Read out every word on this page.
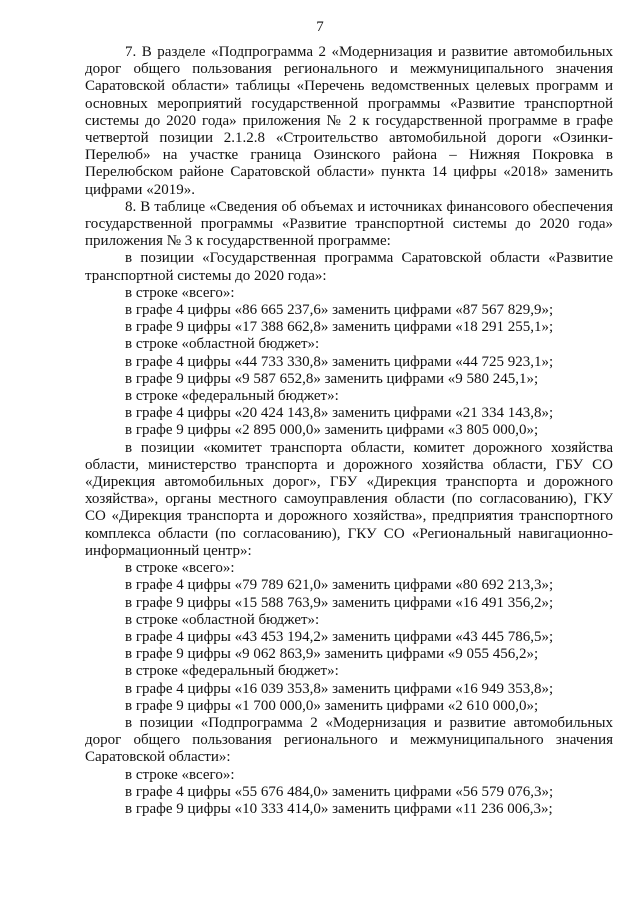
7

7. В разделе «Подпрограмма 2 «Модернизация и развитие автомобильных дорог общего пользования регионального и межмуниципального значения Саратовской области» таблицы «Перечень ведомственных целевых программ и основных мероприятий государственной программы «Развитие транспортной системы до 2020 года» приложения № 2 к государственной программе в графе четвертой позиции 2.1.2.8 «Строительство автомобильной дороги «Озинки-Перелюб» на участке граница Озинского района – Нижняя Покровка в Перелюбском районе Саратовской области» пункта 14 цифры «2018» заменить цифрами «2019».

8. В таблице «Сведения об объемах и источниках финансового обеспечения государственной программы «Развитие транспортной системы до 2020 года» приложения № 3 к государственной программе:

в позиции «Государственная программа Саратовской области «Развитие транспортной системы до 2020 года»:

в строке «всего»:

в графе 4 цифры «86 665 237,6» заменить цифрами «87 567 829,9»;

в графе 9 цифры «17 388 662,8» заменить цифрами «18 291 255,1»;

в строке «областной бюджет»:

в графе 4 цифры «44 733 330,8» заменить цифрами «44 725 923,1»;

в графе 9 цифры «9 587 652,8» заменить цифрами «9 580 245,1»;

в строке «федеральный бюджет»:

в графе 4 цифры «20 424 143,8» заменить цифрами «21 334 143,8»;

в графе 9 цифры «2 895 000,0» заменить цифрами «3 805 000,0»;

в позиции «комитет транспорта области, комитет дорожного хозяйства области, министерство транспорта и дорожного хозяйства области, ГБУ СО «Дирекция автомобильных дорог», ГБУ «Дирекция транспорта и дорожного хозяйства», органы местного самоуправления области (по согласованию), ГКУ СО «Дирекция транспорта и дорожного хозяйства», предприятия транспортного комплекса области (по согласованию), ГКУ СО «Региональный навигационно-информационный центр»:

в строке «всего»:

в графе 4 цифры «79 789 621,0» заменить цифрами «80 692 213,3»;

в графе 9 цифры «15 588 763,9» заменить цифрами «16 491 356,2»;

в строке «областной бюджет»:

в графе 4 цифры «43 453 194,2» заменить цифрами «43 445 786,5»;

в графе 9 цифры «9 062 863,9» заменить цифрами «9 055 456,2»;

в строке «федеральный бюджет»:

в графе 4 цифры «16 039 353,8» заменить цифрами «16 949 353,8»;

в графе 9 цифры «1 700 000,0» заменить цифрами «2 610 000,0»;

в позиции «Подпрограмма 2 «Модернизация и развитие автомобильных дорог общего пользования регионального и межмуниципального значения Саратовской области»:

в строке «всего»:

в графе 4 цифры «55 676 484,0» заменить цифрами «56 579 076,3»;

в графе 9 цифры «10 333 414,0» заменить цифрами «11 236 006,3»;
